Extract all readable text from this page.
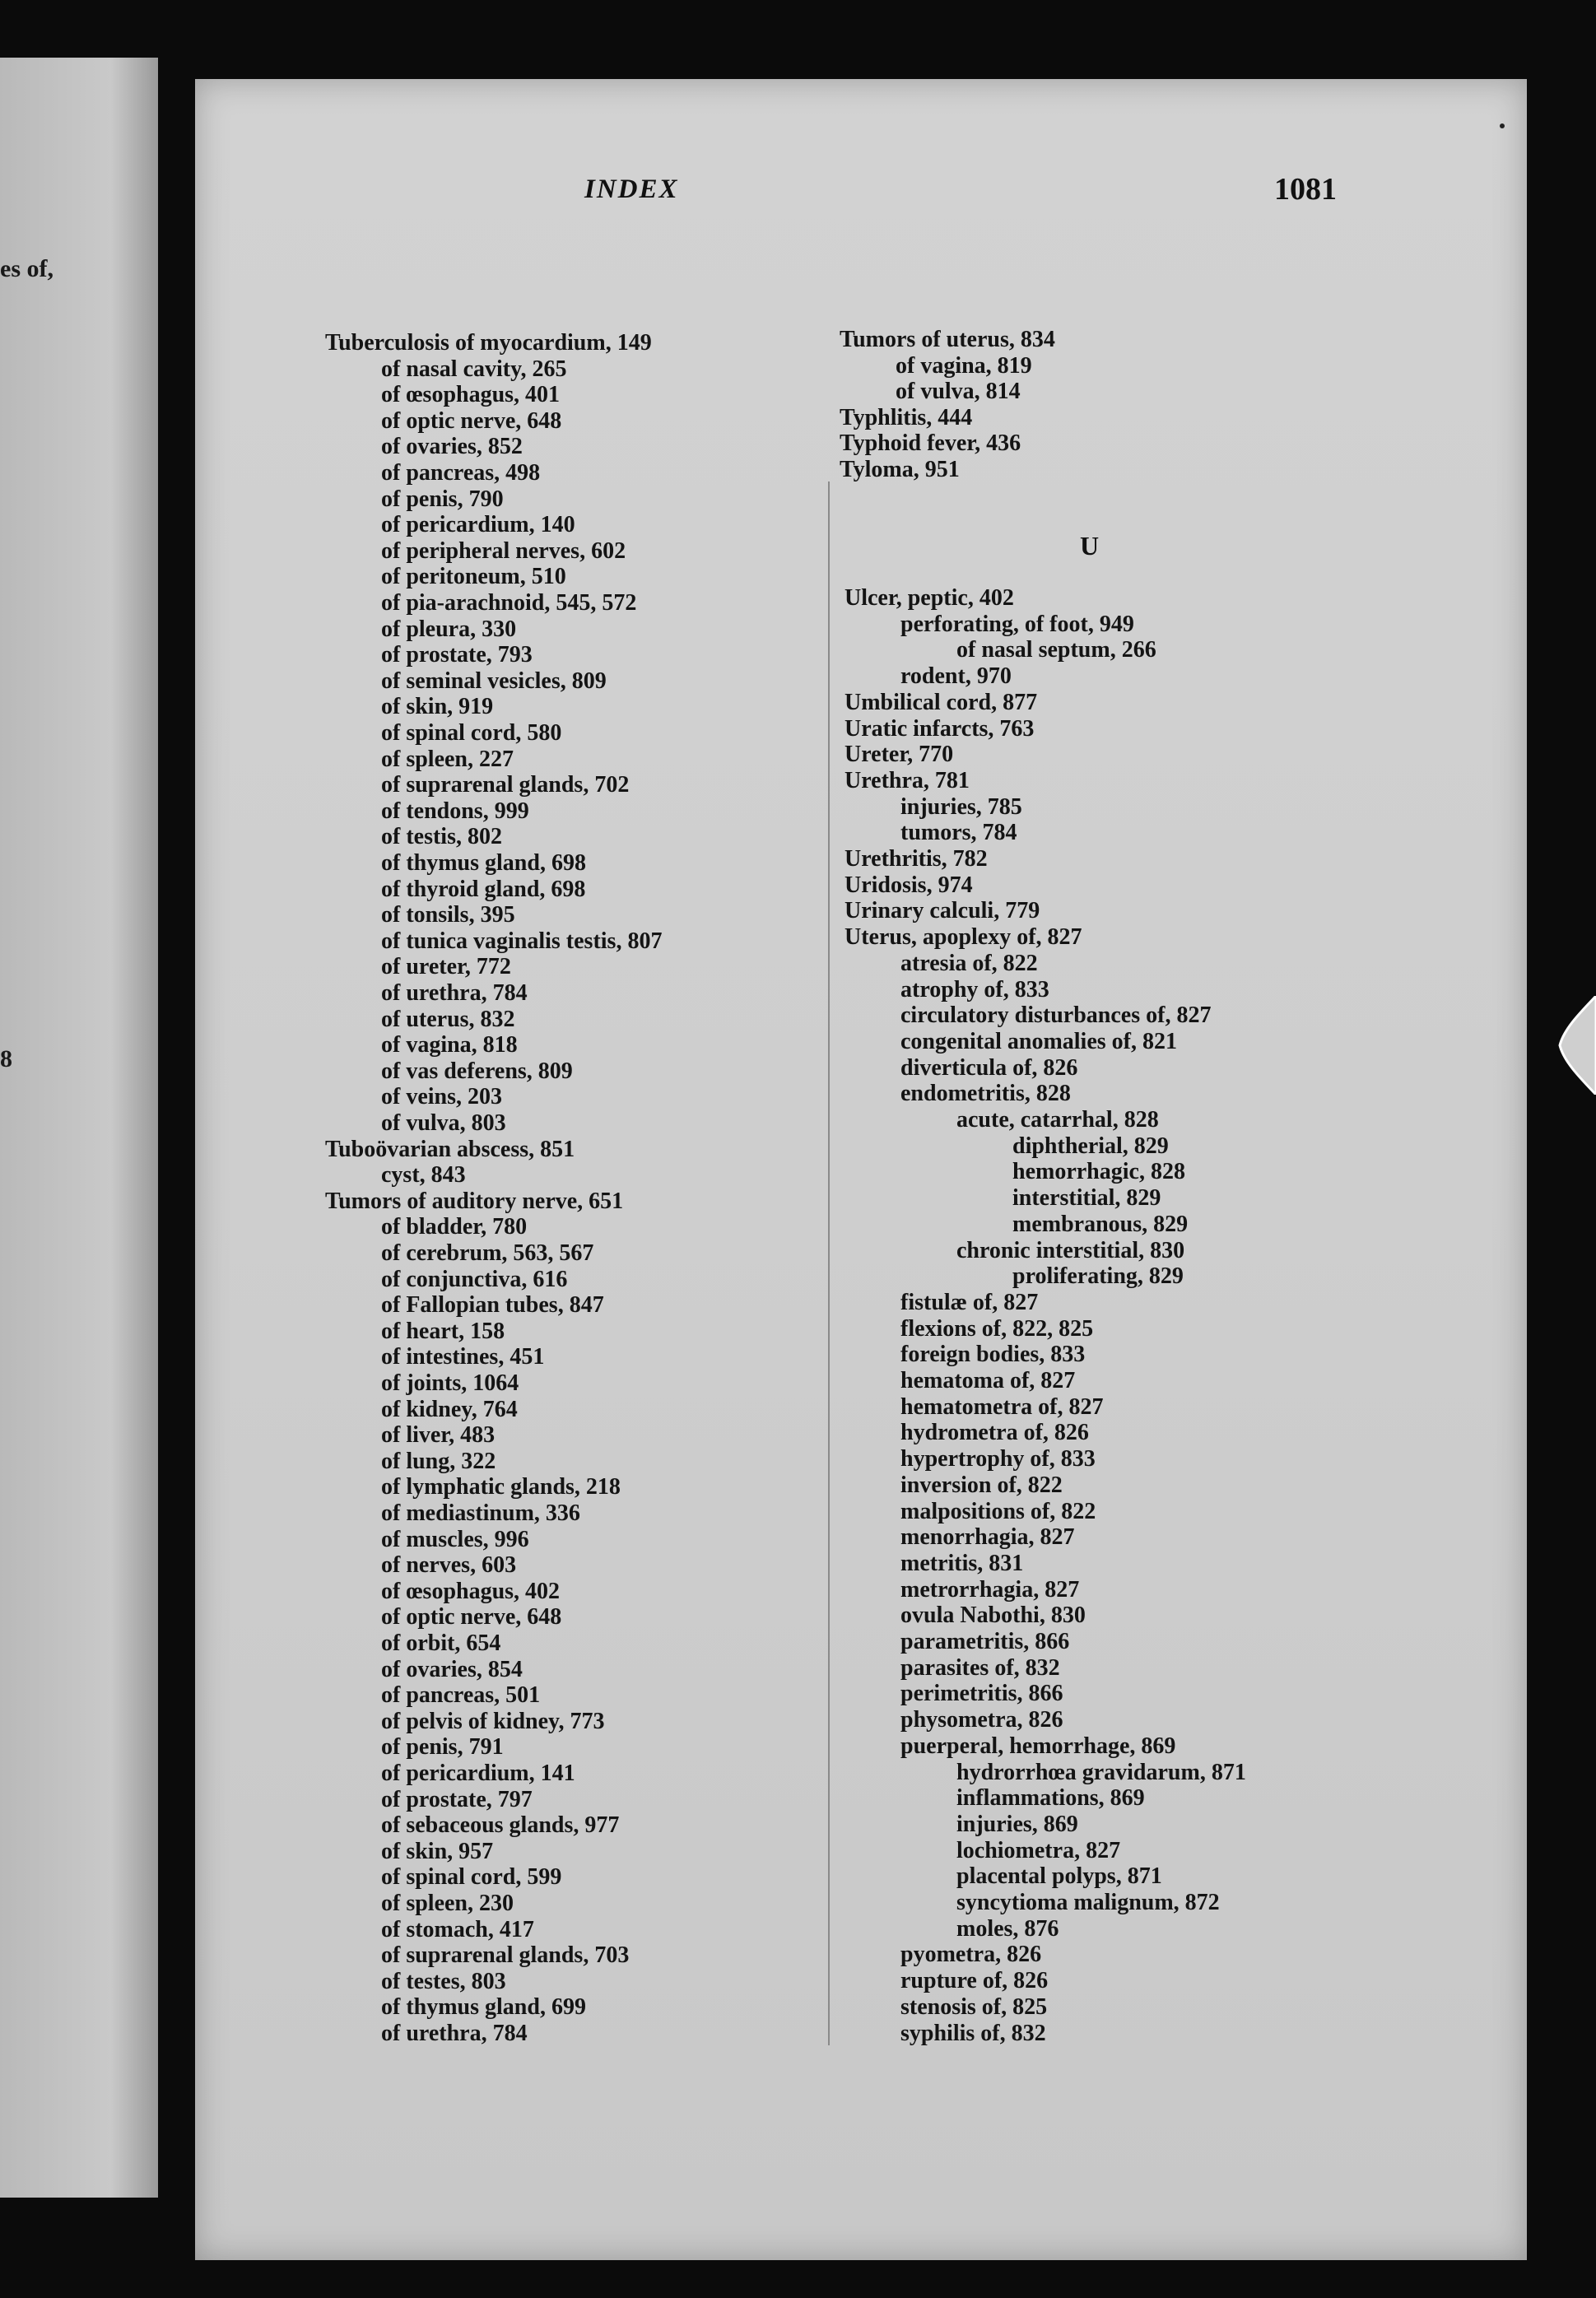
es of,
8
INDEX	1081
Tuberculosis of myocardium, 149
of nasal cavity, 265
of œsophagus, 401
of optic nerve, 648
of ovaries, 852
of pancreas, 498
of penis, 790
of pericardium, 140
of peripheral nerves, 602
of peritoneum, 510
of pia-arachnoid, 545, 572
of pleura, 330
of prostate, 793
of seminal vesicles, 809
of skin, 919
of spinal cord, 580
of spleen, 227
of suprarenal glands, 702
of tendons, 999
of testis, 802
of thymus gland, 698
of thyroid gland, 698
of tonsils, 395
of tunica vaginalis testis, 807
of ureter, 772
of urethra, 784
of uterus, 832
of vagina, 818
of vas deferens, 809
of veins, 203
of vulva, 803
Tuboövarian abscess, 851
cyst, 843
Tumors of auditory nerve, 651
of bladder, 780
of cerebrum, 563, 567
of conjunctiva, 616
of Fallopian tubes, 847
of heart, 158
of intestines, 451
of joints, 1064
of kidney, 764
of liver, 483
of lung, 322
of lymphatic glands, 218
of mediastinum, 336
of muscles, 996
of nerves, 603
of œsophagus, 402
of optic nerve, 648
of orbit, 654
of ovaries, 854
of pancreas, 501
of pelvis of kidney, 773
of penis, 791
of pericardium, 141
of prostate, 797
of sebaceous glands, 977
of skin, 957
of spinal cord, 599
of spleen, 230
of stomach, 417
of suprarenal glands, 703
of testes, 803
of thymus gland, 699
of urethra, 784
Tumors of uterus, 834
of vagina, 819
of vulva, 814
Typhlitis, 444
Typhoid fever, 436
Tyloma, 951
U
Ulcer, peptic, 402
perforating, of foot, 949
of nasal septum, 266
rodent, 970
Umbilical cord, 877
Uratic infarcts, 763
Ureter, 770
Urethra, 781
injuries, 785
tumors, 784
Urethritis, 782
Uridosis, 974
Urinary calculi, 779
Uterus, apoplexy of, 827
atresia of, 822
atrophy of, 833
circulatory disturbances of, 827
congenital anomalies of, 821
diverticula of, 826
endometritis, 828
acute, catarrhal, 828
diphtherial, 829
hemorrhagic, 828
interstitial, 829
membranous, 829
chronic interstitial, 830
proliferating, 829
fistulæ of, 827
flexions of, 822, 825
foreign bodies, 833
hematoma of, 827
hematometra of, 827
hydrometra of, 826
hypertrophy of, 833
inversion of, 822
malpositions of, 822
menorrhagia, 827
metritis, 831
metrorrhagia, 827
ovula Nabothi, 830
parametritis, 866
parasites of, 832
perimetritis, 866
physometra, 826
puerperal, hemorrhage, 869
hydrorrhœa gravidarum, 871
inflammations, 869
injuries, 869
lochiometra, 827
placental polyps, 871
syncytioma malignum, 872
moles, 876
pyometra, 826
rupture of, 826
stenosis of, 825
syphilis of, 832
